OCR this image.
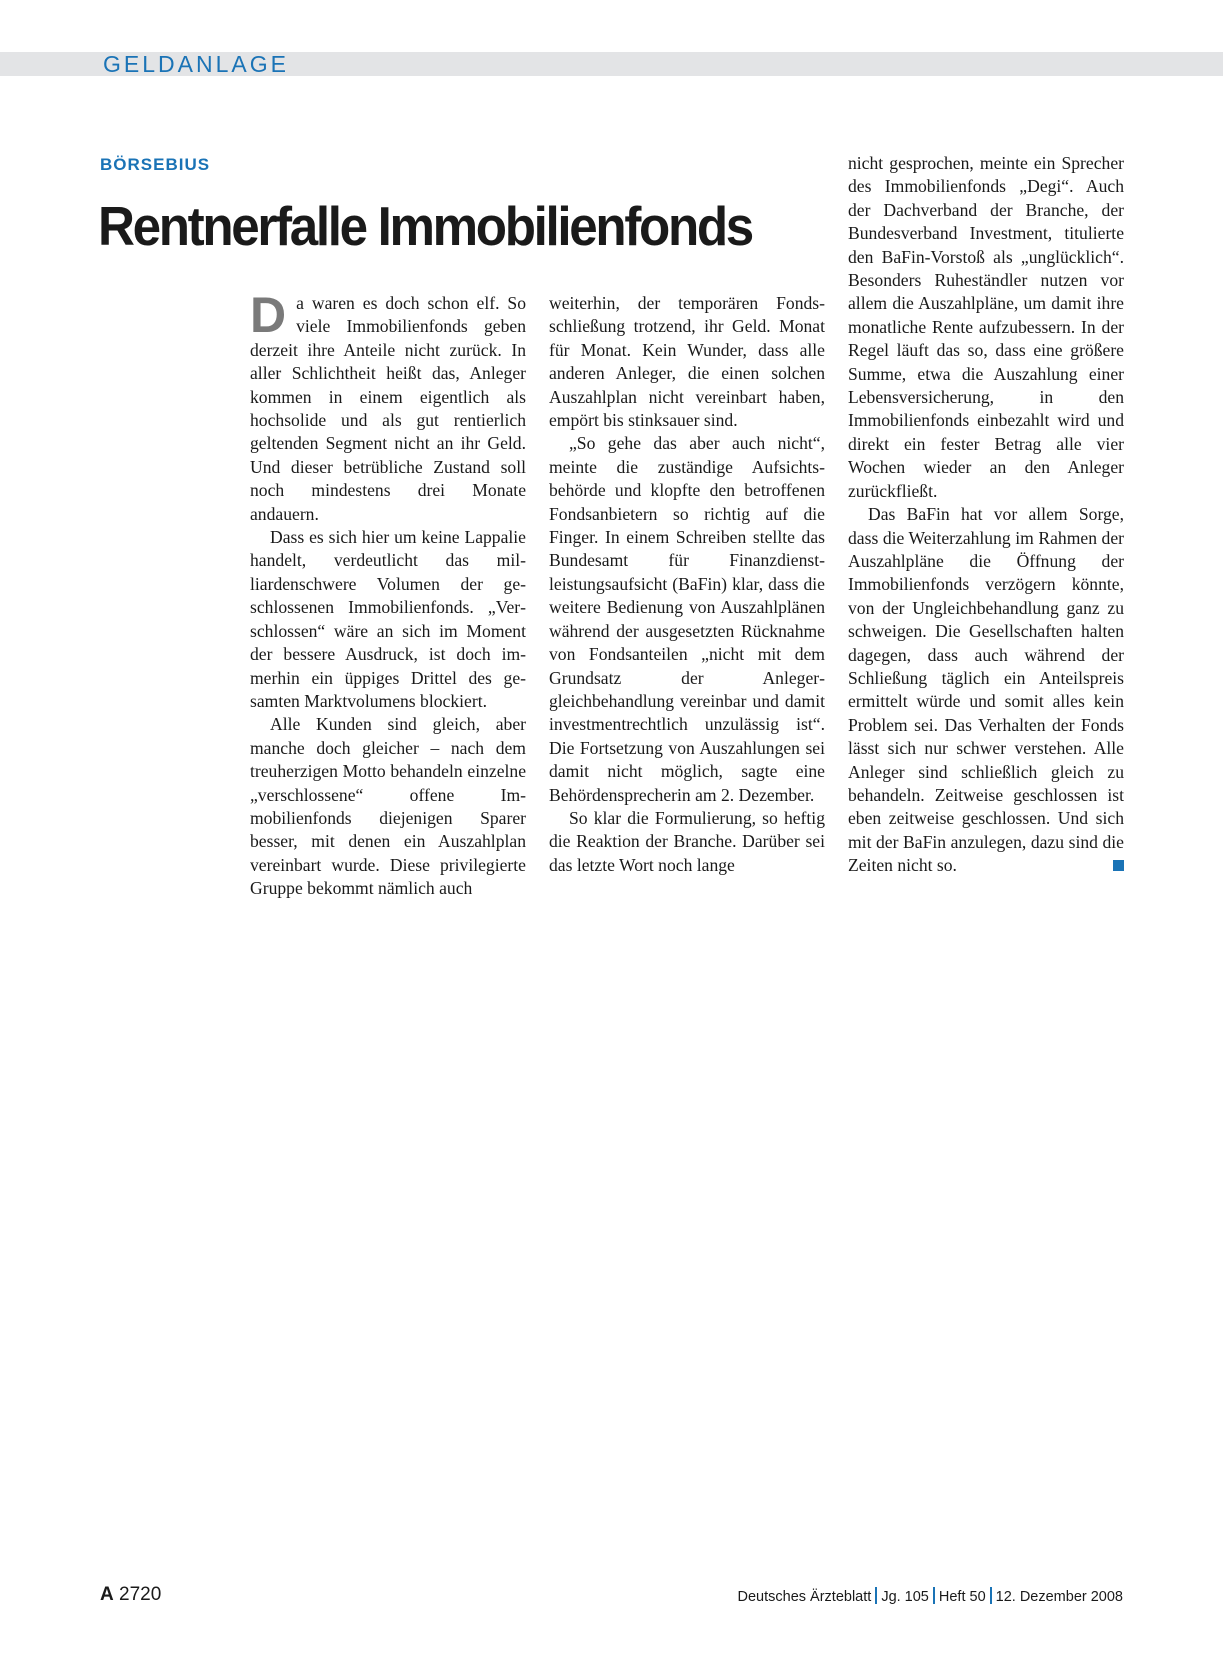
GELDANLAGE
BÖRSEBIUS
Rentnerfalle Immobilienfonds

Da waren es doch schon elf. So viele Immobilienfonds geben derzeit ihre Anteile nicht zurück. In aller Schlichtheit heißt das, Anleger kommen in einem eigentlich als hochsolide und als gut rentierlich geltenden Segment nicht an ihr Geld. Und dieser betrübliche Zustand soll noch mindestens drei Monate andauern.

Dass es sich hier um keine Lappalie handelt, verdeutlicht das milliardenschwere Volumen der geschlossenen Immobilienfonds. „Verschlossen“ wäre an sich im Moment der bessere Ausdruck, ist doch immerhin ein üppiges Drittel des gesamten Marktvolumens blockiert.

Alle Kunden sind gleich, aber manche doch gleicher – nach dem treuherzigen Motto behandeln einzelne „verschlossene“ offene Immobilienfonds diejenigen Sparer besser, mit denen ein Auszahlplan vereinbart wurde. Diese privilegierte Gruppe bekommt nämlich auch

weiterhin, der temporären Fondsschließung trotzend, ihr Geld. Monat für Monat. Kein Wunder, dass alle anderen Anleger, die einen solchen Auszahlplan nicht vereinbart haben, empört bis stinksauer sind.

„So gehe das aber auch nicht“, meinte die zuständige Aufsichtsbehörde und klopfte den betroffenen Fondsanbietern so richtig auf die Finger. In einem Schreiben stellte das Bundesamt für Finanzdienstleistungsaufsicht (BaFin) klar, dass die weitere Bedienung von Auszahlplänen während der ausgesetzten Rücknahme von Fondsanteilen „nicht mit dem Grundsatz der Anlegergleichbehandlung vereinbar und damit investmentrechtlich unzulässig ist“. Die Fortsetzung von Auszahlungen sei damit nicht möglich, sagte eine Behördensprecherin am 2. Dezember.

So klar die Formulierung, so heftig die Reaktion der Branche. Darüber sei das letzte Wort noch lange

nicht gesprochen, meinte ein Sprecher des Immobilienfonds „Degi“. Auch der Dachverband der Branche, der Bundesverband Investment, titulierte den BaFin-Vorstoß als „unglücklich“. Besonders Ruheständler nutzen vor allem die Auszahlpläne, um damit ihre monatliche Rente aufzubessern. In der Regel läuft das so, dass eine größere Summe, etwa die Auszahlung einer Lebensversicherung, in den Immobilienfonds einbezahlt wird und direkt ein fester Betrag alle vier Wochen wieder an den Anleger zurückfließt.

Das BaFin hat vor allem Sorge, dass die Weiterzahlung im Rahmen der Auszahlpläne die Öffnung der Immobilienfonds verzögern könnte, von der Ungleichbehandlung ganz zu schweigen. Die Gesellschaften halten dagegen, dass auch während der Schließung täglich ein Anteilspreis ermittelt würde und somit alles kein Problem sei. Das Verhalten der Fonds lässt sich nur schwer verstehen. Alle Anleger sind schließlich gleich zu behandeln. Zeitweise geschlossen ist eben zeitweise geschlossen. Und sich mit der BaFin anzulegen, dazu sind die Zeiten nicht so.

A 2720	Deutsches Ärzteblatt Jg. 105 Heft 50 12. Dezember 2008
